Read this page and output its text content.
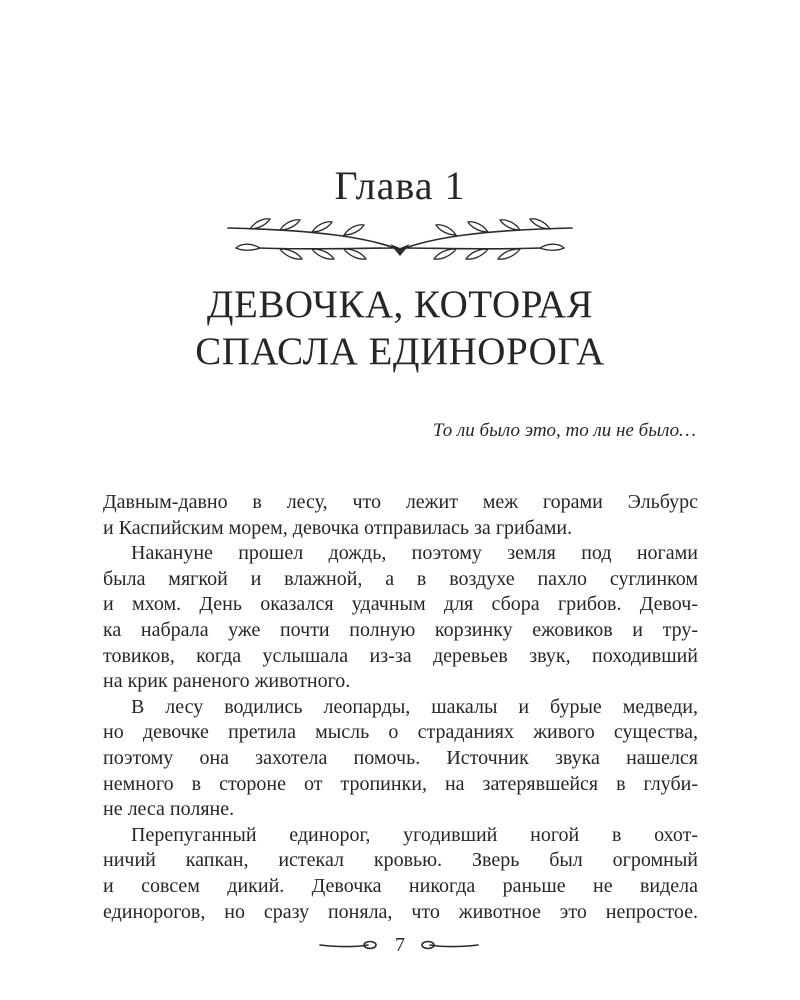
Глава 1
ДЕВОЧКА, КОТОРАЯ
СПАСЛА ЕДИНОРОГА
То ли было это, то ли не было…
Давным-давно в лесу, что лежит меж горами Эльбурс
и Каспийским морем, девочка отправилась за грибами.
Накануне прошел дождь, поэтому земля под ногами
была мягкой и влажной, а в воздухе пахло суглинком
и мхом. День оказался удачным для сбора грибов. Девоч-
ка набрала уже почти полную корзинку ежовиков и тру-
товиков, когда услышала из-за деревьев звук, походивший
на крик раненого животного.
В лесу водились леопарды, шакалы и бурые медведи,
но девочке претила мысль о страданиях живого существа,
поэтому она захотела помочь. Источник звука нашелся
немного в стороне от тропинки, на затерявшейся в глуби-
не леса поляне.
Перепуганный единорог, угодивший ногой в охот-
ничий капкан, истекал кровью. Зверь был огромный
и совсем дикий. Девочка никогда раньше не видела
единорогов, но сразу поняла, что животное это непростое.
7
